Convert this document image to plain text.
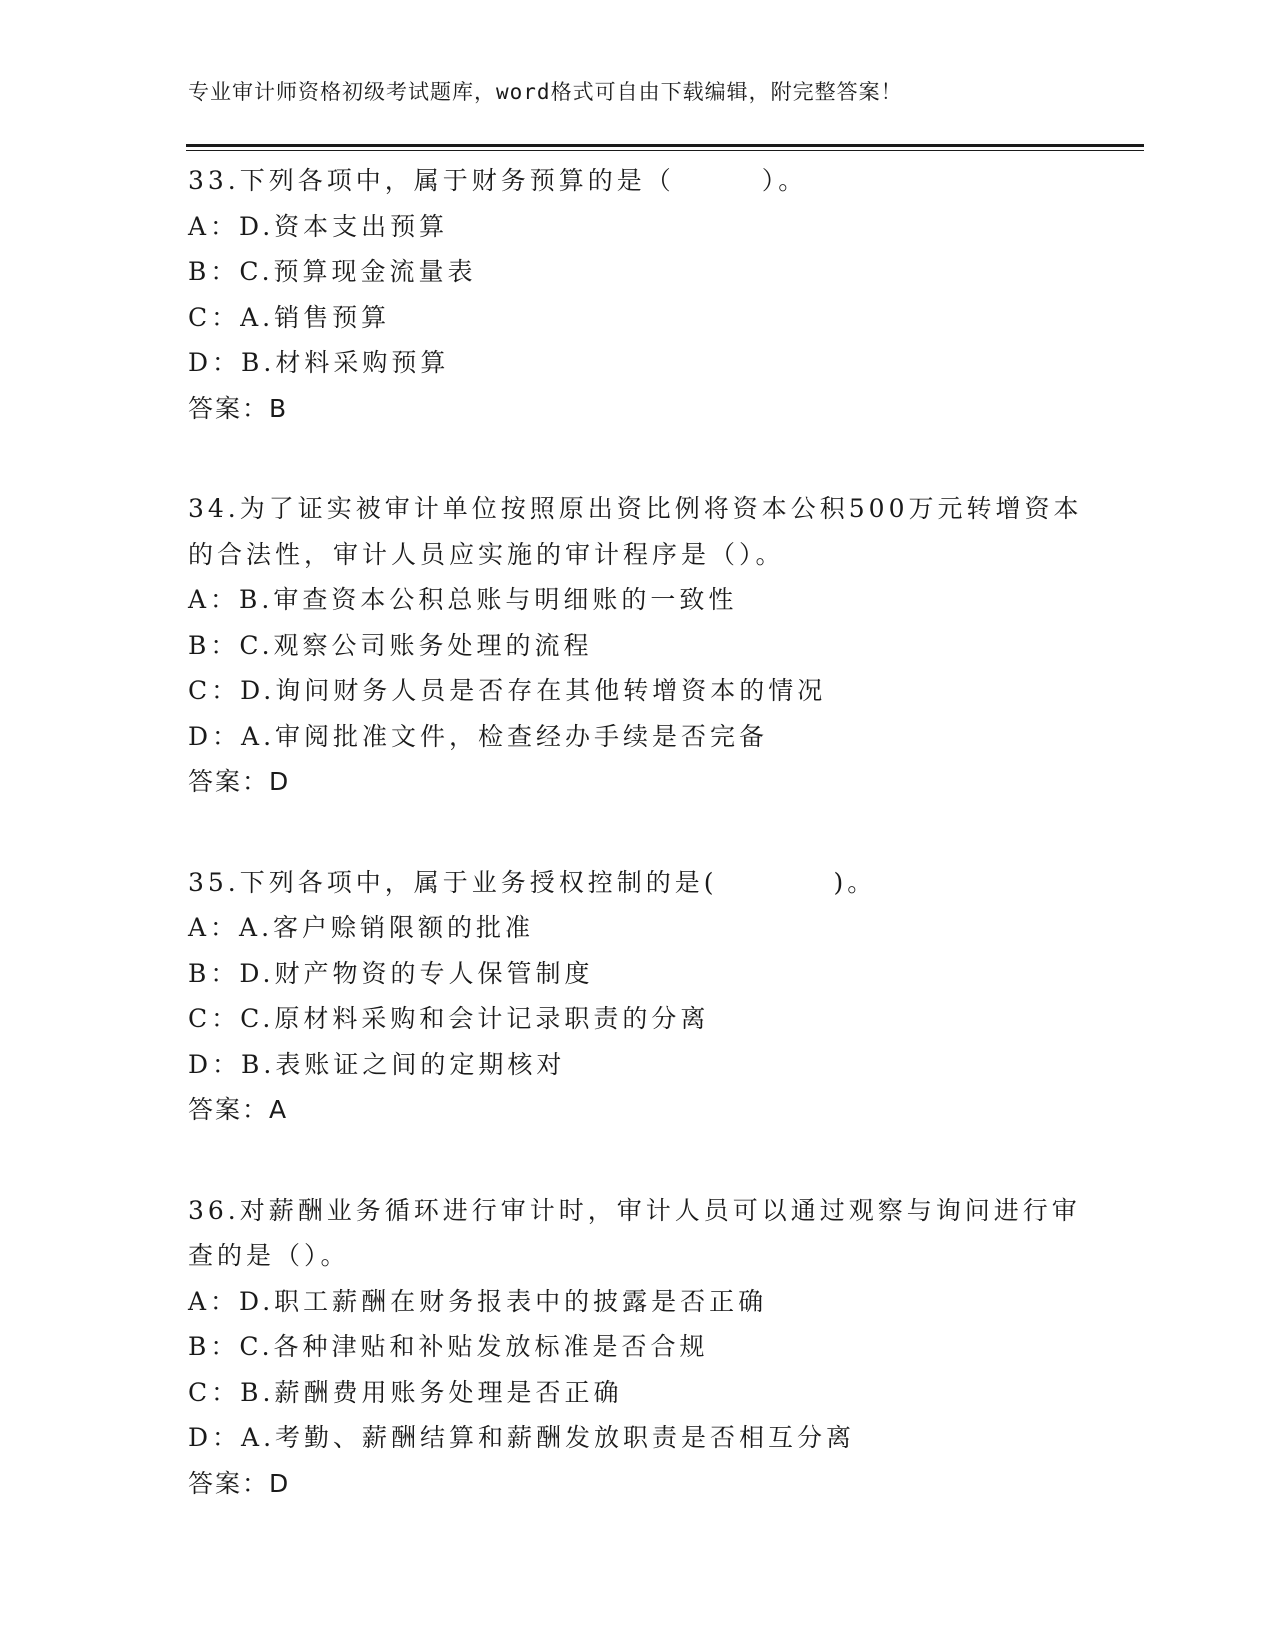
专业审计师资格初级考试题库，word格式可自由下载编辑，附完整答案！
33.下列各项中，属于财务预算的是（　　　）。
A：D.资本支出预算
B：C.预算现金流量表
C：A.销售预算
D：B.材料采购预算
答案：B
34.为了证实被审计单位按照原出资比例将资本公积500万元转增资本
的合法性，审计人员应实施的审计程序是（）。
A：B.审查资本公积总账与明细账的一致性
B：C.观察公司账务处理的流程
C：D.询问财务人员是否存在其他转增资本的情况
D：A.审阅批准文件，检查经办手续是否完备
答案：D
35.下列各项中，属于业务授权控制的是(　　　　)。
A：A.客户赊销限额的批准
B：D.财产物资的专人保管制度
C：C.原材料采购和会计记录职责的分离
D：B.表账证之间的定期核对
答案：A
36.对薪酬业务循环进行审计时，审计人员可以通过观察与询问进行审
查的是（）。
A：D.职工薪酬在财务报表中的披露是否正确
B：C.各种津贴和补贴发放标准是否合规
C：B.薪酬费用账务处理是否正确
D：A.考勤、薪酬结算和薪酬发放职责是否相互分离
答案：D
